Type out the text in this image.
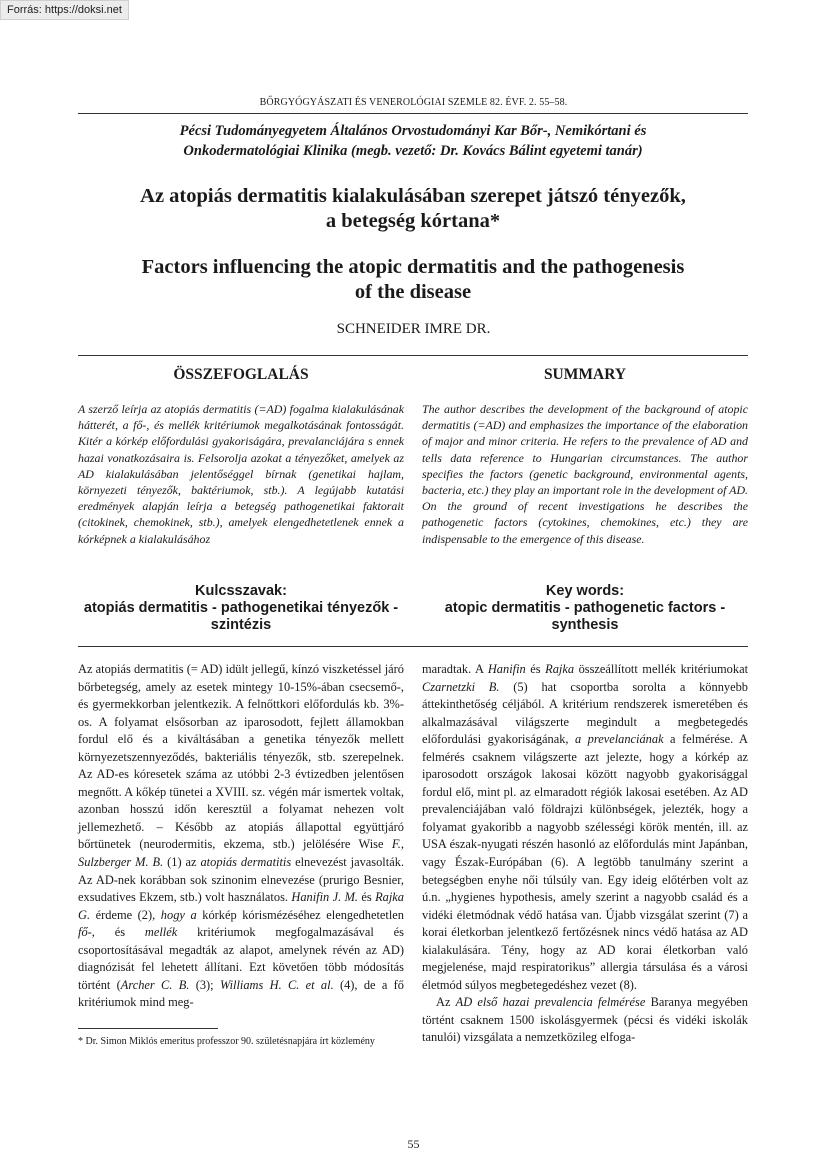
Forrás: https://doksi.net
BŐRGYÓGYÁSZATI ÉS VENEROLÓGIAI SZEMLE 82. ÉVF. 2. 55–58.
Pécsi Tudományegyetem Általános Orvostudományi Kar Bőr-, Nemikórtani és
Onkodermatológiai Klinika (megb. vezető: Dr. Kovács Bálint egyetemi tanár)
Az atopiás dermatitis kialakulásában szerepet játszó tényezők,
a betegség kórtana*
Factors influencing the atopic dermatitis and the pathogenesis
of the disease
SCHNEIDER IMRE DR.
ÖSSZEFOGLALÁS	SUMMARY
A szerző leírja az atopiás dermatitis (=AD) fogalma kialakulásának hátterét, a fő-, és mellék kritériumok megalkotásának fontosságát. Kitér a kórkép előfordulási gyakoriságára, prevalanciájára s ennek hazai vonatkozásaira is. Felsorolja azokat a tényezőket, amelyek az AD kialakulásában jelentőséggel bírnak (genetikai hajlam, környezeti tényezők, baktériumok, stb.). A legújabb kutatási eredmények alapján leírja a betegség pathogenetikai faktorait (citokinek, chemokinek, stb.), amelyek elengedhetetlenek ennek a kórképnek a kialakulásához
The author describes the development of the background of atopic dermatitis (=AD) and emphasizes the importance of the elaboration of major and minor criteria. He refers to the prevalence of AD and tells data reference to Hungarian circumstances. The author specifies the factors (genetic background, environmental agents, bacteria, etc.) they play an important role in the development of AD. On the ground of recent investigations he describes the pathogenetic factors (cytokines, chemokines, etc.) they are indispensable to the emergence of this disease.
Kulcsszavak:
atopiás dermatitis - pathogenetikai tényezők -
szintézis
Key words:
atopic dermatitis - pathogenetic factors -
synthesis

Az atopiás dermatitis (= AD) idült jellegű, kínzó viszketéssel járó bőrbetegség, amely az esetek mintegy 10-15%-ában csecsemő-, és gyermekkorban jelentkezik. A felnőttkori előfordulás kb. 3%-os. A folyamat elsősorban az iparosodott, fejlett államokban fordul elő és a kiváltásában a genetika tényezők mellett környezetszennyeződés, bakteriális tényezők, stb. szerepelnek. Az AD-es kóresetek száma az utóbbi 2-3 évtizedben jelentősen megnőtt. A kőkép tünetei a XVIII. sz. végén már ismertek voltak, azonban hosszú időn keresztül a folyamat nehezen volt jellemezhető. – Később az atopiás állapottal együttjáró bőrtünetek (neurodermitis, ekzema, stb.) jelölésére Wise F., Sulzberger M. B. (1) az atopiás dermatitis elnevezést javasolták. Az AD-nek korábban sok szinonim elnevezése (prurigo Besnier, exsudatives Ekzem, stb.) volt használatos. Hanifin J. M. és Rajka G. érdeme (2), hogy a kórkép kórismézéséhez elengedhetetlen fő-, és mellék kritériumok megfogalmazásával és csoportosításával megadták az alapot, amelynek révén az AD) diagnózisát fel lehetett állítani. Ezt követően több módosítás történt (Archer C. B. (3); Williams H. C. et al. (4), de a fő kritériumok mind meg-

maradtak. A Hanifin és Rajka összeállított mellék kritériumokat Czarnetzki B. (5) hat csoportba sorolta a könnyebb áttekinthetőség céljából. A kritérium rendszerek ismeretében és alkalmazásával világszerte megindult a megbetegedés előfordulási gyakoriságának, a prevelanciának a felmérése. A felmérés csaknem világszerte azt jelezte, hogy a kórkép az iparosodott országok lakosai között nagyobb gyakorisággal fordul elő, mint pl. az elmaradott régiók lakosai esetében. Az AD prevalenciájában való földrajzi különbségek, jelezték, hogy a folyamat gyakoribb a nagyobb szélességi körök mentén, ill. az USA észak-nyugati részén hasonló az előfordulás mint Japánban, vagy Észak-Európában (6). A legtöbb tanulmány szerint a betegségben enyhe női túlsúly van. Egy ideig előtérben volt az ú.n. „hygienes hypothesis, amely szerint a nagyobb család és a vidéki életmódnak védő hatása van. Újabb vizsgálat szerint (7) a korai életkorban jelentkező fertőzésnek nincs védő hatása az AD kialakulására. Tény, hogy az AD korai életkorban való megjelenése, majd respiratorikus” allergia társulása és a városi életmód súlyos megbetegedéshez vezet (8).

Az AD első hazai prevalencia felmérése Baranya megyében történt csaknem 1500 iskolásgyermek (pécsi és vidéki iskolák tanulói) vizsgálata a nemzetközileg elfoga-

* Dr. Simon Miklós emeritus professzor 90. születésnapjára írt közlemény
55
